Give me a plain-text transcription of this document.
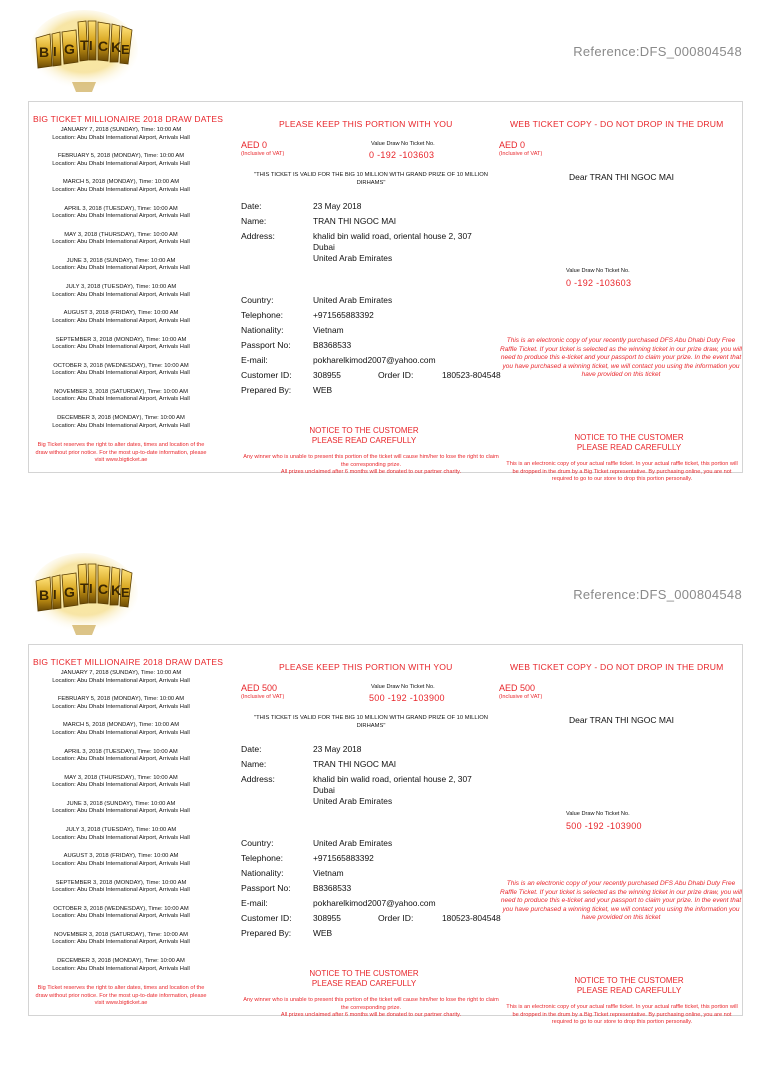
B I G T I C K E	Reference:DFS_000804548
BIG TICKET MILLIONAIRE 2018 DRAW DATES
JANUARY 7, 2018 (SUNDAY), Time: 10:00 AM
Location: Abu Dhabi International Airport, Arrivals Hall
FEBRUARY 5, 2018 (MONDAY), Time: 10:00 AM
Location: Abu Dhabi International Airport, Arrivals Hall
MARCH 5, 2018 (MONDAY), Time: 10:00 AM
Location: Abu Dhabi International Airport, Arrivals Hall
APRIL 3, 2018 (TUESDAY), Time: 10:00 AM
Location: Abu Dhabi International Airport, Arrivals Hall
MAY 3, 2018 (THURSDAY), Time: 10:00 AM
Location: Abu Dhabi International Airport, Arrivals Hall
JUNE 3, 2018 (SUNDAY), Time: 10:00 AM
Location: Abu Dhabi International Airport, Arrivals Hall
JULY 3, 2018 (TUESDAY), Time: 10:00 AM
Location: Abu Dhabi International Airport, Arrivals Hall
AUGUST 3, 2018 (FRIDAY), Time: 10:00 AM
Location: Abu Dhabi International Airport, Arrivals Hall
SEPTEMBER 3, 2018 (MONDAY), Time: 10:00 AM
Location: Abu Dhabi International Airport, Arrivals Hall
OCTOBER 3, 2018 (WEDNESDAY), Time: 10:00 AM
Location: Abu Dhabi International Airport, Arrivals Hall
NOVEMBER 3, 2018 (SATURDAY), Time: 10:00 AM
Location: Abu Dhabi International Airport, Arrivals Hall
DECEMBER 3, 2018 (MONDAY), Time: 10:00 AM
Location: Abu Dhabi International Airport, Arrivals Hall
Big Ticket reserves the right to alter dates, times and location of the draw without prior notice. For the most up-to-date information, please visit www.bigticket.ae
PLEASE KEEP THIS PORTION WITH YOU	WEB TICKET COPY - DO NOT DROP IN THE DRUM
AED 0
(Inclusive of VAT)
Value Draw No Ticket No.
0 -192 -103603
AED 0
(Inclusive of VAT)
"THIS TICKET IS VALID FOR THE BIG 10 MILLION WITH GRAND PRIZE OF 10 MILLION DIRHAMS"
Dear TRAN THI NGOC MAI
Date:	23 May 2018
Name:	TRAN THI NGOC MAI
Address:	khalid bin walid road, oriental house 2, 307
Dubai
United Arab Emirates
Value Draw No Ticket No.
0 -192 -103603
Country:	United Arab Emirates
Telephone:	+971565883392
Nationality:	Vietnam
Passport No:	B8368533
E-mail:	pokharelkimod2007@yahoo.com
Customer ID:	308955	Order ID:	180523-804548
Prepared By:	WEB
This is an electronic copy of your recently purchased DFS Abu Dhabi Duty Free Raffle Ticket. If your ticket is selected as the winning ticket in our prize draw, you will need to produce this e-ticket and your passport to claim your prize. In the event that you have purchased a winning ticket, we will contact you using the information you have provided on this ticket
NOTICE TO THE CUSTOMER
PLEASE READ CAREFULLY
Any winner who is unable to present this portion of the ticket will cause him/her to lose the right to claim the corresponding prize.
All prizes unclaimed after 6 months will be donated to our partner charity.
NOTICE TO THE CUSTOMER
PLEASE READ CAREFULLY
This is an electronic copy of your actual raffle ticket. In your actual raffle ticket, this portion will be dropped in the drum by a Big Ticket representative. By purchasing online, you are not required to go to our store to drop this portion personally.
B I G T I C K E	Reference:DFS_000804548
BIG TICKET MILLIONAIRE 2018 DRAW DATES
JANUARY 7, 2018 (SUNDAY), Time: 10:00 AM
Location: Abu Dhabi International Airport, Arrivals Hall
FEBRUARY 5, 2018 (MONDAY), Time: 10:00 AM
Location: Abu Dhabi International Airport, Arrivals Hall
MARCH 5, 2018 (MONDAY), Time: 10:00 AM
Location: Abu Dhabi International Airport, Arrivals Hall
APRIL 3, 2018 (TUESDAY), Time: 10:00 AM
Location: Abu Dhabi International Airport, Arrivals Hall
MAY 3, 2018 (THURSDAY), Time: 10:00 AM
Location: Abu Dhabi International Airport, Arrivals Hall
JUNE 3, 2018 (SUNDAY), Time: 10:00 AM
Location: Abu Dhabi International Airport, Arrivals Hall
JULY 3, 2018 (TUESDAY), Time: 10:00 AM
Location: Abu Dhabi International Airport, Arrivals Hall
AUGUST 3, 2018 (FRIDAY), Time: 10:00 AM
Location: Abu Dhabi International Airport, Arrivals Hall
SEPTEMBER 3, 2018 (MONDAY), Time: 10:00 AM
Location: Abu Dhabi International Airport, Arrivals Hall
OCTOBER 3, 2018 (WEDNESDAY), Time: 10:00 AM
Location: Abu Dhabi International Airport, Arrivals Hall
NOVEMBER 3, 2018 (SATURDAY), Time: 10:00 AM
Location: Abu Dhabi International Airport, Arrivals Hall
DECEMBER 3, 2018 (MONDAY), Time: 10:00 AM
Location: Abu Dhabi International Airport, Arrivals Hall
Big Ticket reserves the right to alter dates, times and location of the draw without prior notice. For the most up-to-date information, please visit www.bigticket.ae
PLEASE KEEP THIS PORTION WITH YOU	WEB TICKET COPY - DO NOT DROP IN THE DRUM
AED 500
(Inclusive of VAT)
Value Draw No Ticket No.
500 -192 -103900
AED 500
(Inclusive of VAT)
"THIS TICKET IS VALID FOR THE BIG 10 MILLION WITH GRAND PRIZE OF 10 MILLION DIRHAMS"
Dear TRAN THI NGOC MAI
Date:	23 May 2018
Name:	TRAN THI NGOC MAI
Address:	khalid bin walid road, oriental house 2, 307
Dubai
United Arab Emirates
Value Draw No Ticket No.
500 -192 -103900
Country:	United Arab Emirates
Telephone:	+971565883392
Nationality:	Vietnam
Passport No:	B8368533
E-mail:	pokharelkimod2007@yahoo.com
Customer ID:	308955	Order ID:	180523-804548
Prepared By:	WEB
This is an electronic copy of your recently purchased DFS Abu Dhabi Duty Free Raffle Ticket. If your ticket is selected as the winning ticket in our prize draw, you will need to produce this e-ticket and your passport to claim your prize. In the event that you have purchased a winning ticket, we will contact you using the information you have provided on this ticket
NOTICE TO THE CUSTOMER
PLEASE READ CAREFULLY
Any winner who is unable to present this portion of the ticket will cause him/her to lose the right to claim the corresponding prize.
All prizes unclaimed after 6 months will be donated to our partner charity.
NOTICE TO THE CUSTOMER
PLEASE READ CAREFULLY
This is an electronic copy of your actual raffle ticket. In your actual raffle ticket, this portion will be dropped in the drum by a Big Ticket representative. By purchasing online, you are not required to go to our store to drop this portion personally.
